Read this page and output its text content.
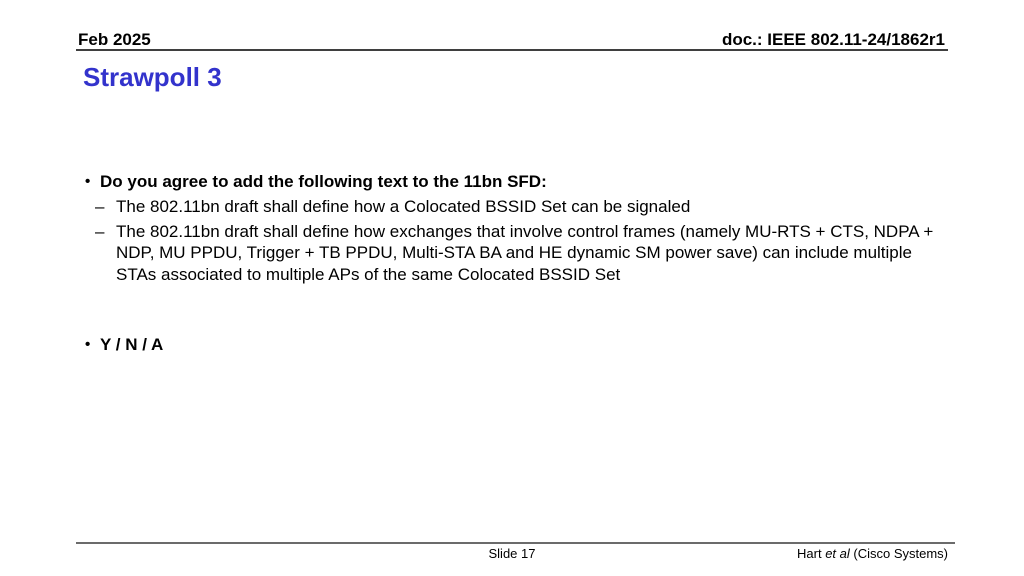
Feb 2025	doc.: IEEE 802.11-24/1862r1
Strawpoll 3
• Do you agree to add the following text to the 11bn SFD:
– The 802.11bn draft shall define how a Colocated BSSID Set can be signaled
– The 802.11bn draft shall define how exchanges that involve control frames (namely MU-RTS + CTS, NDPA + NDP, MU PPDU, Trigger + TB PPDU, Multi-STA BA and HE dynamic SM power save) can include multiple STAs associated to multiple APs of the same Colocated BSSID Set
• Y / N / A
Slide 17	Hart et al (Cisco Systems)
